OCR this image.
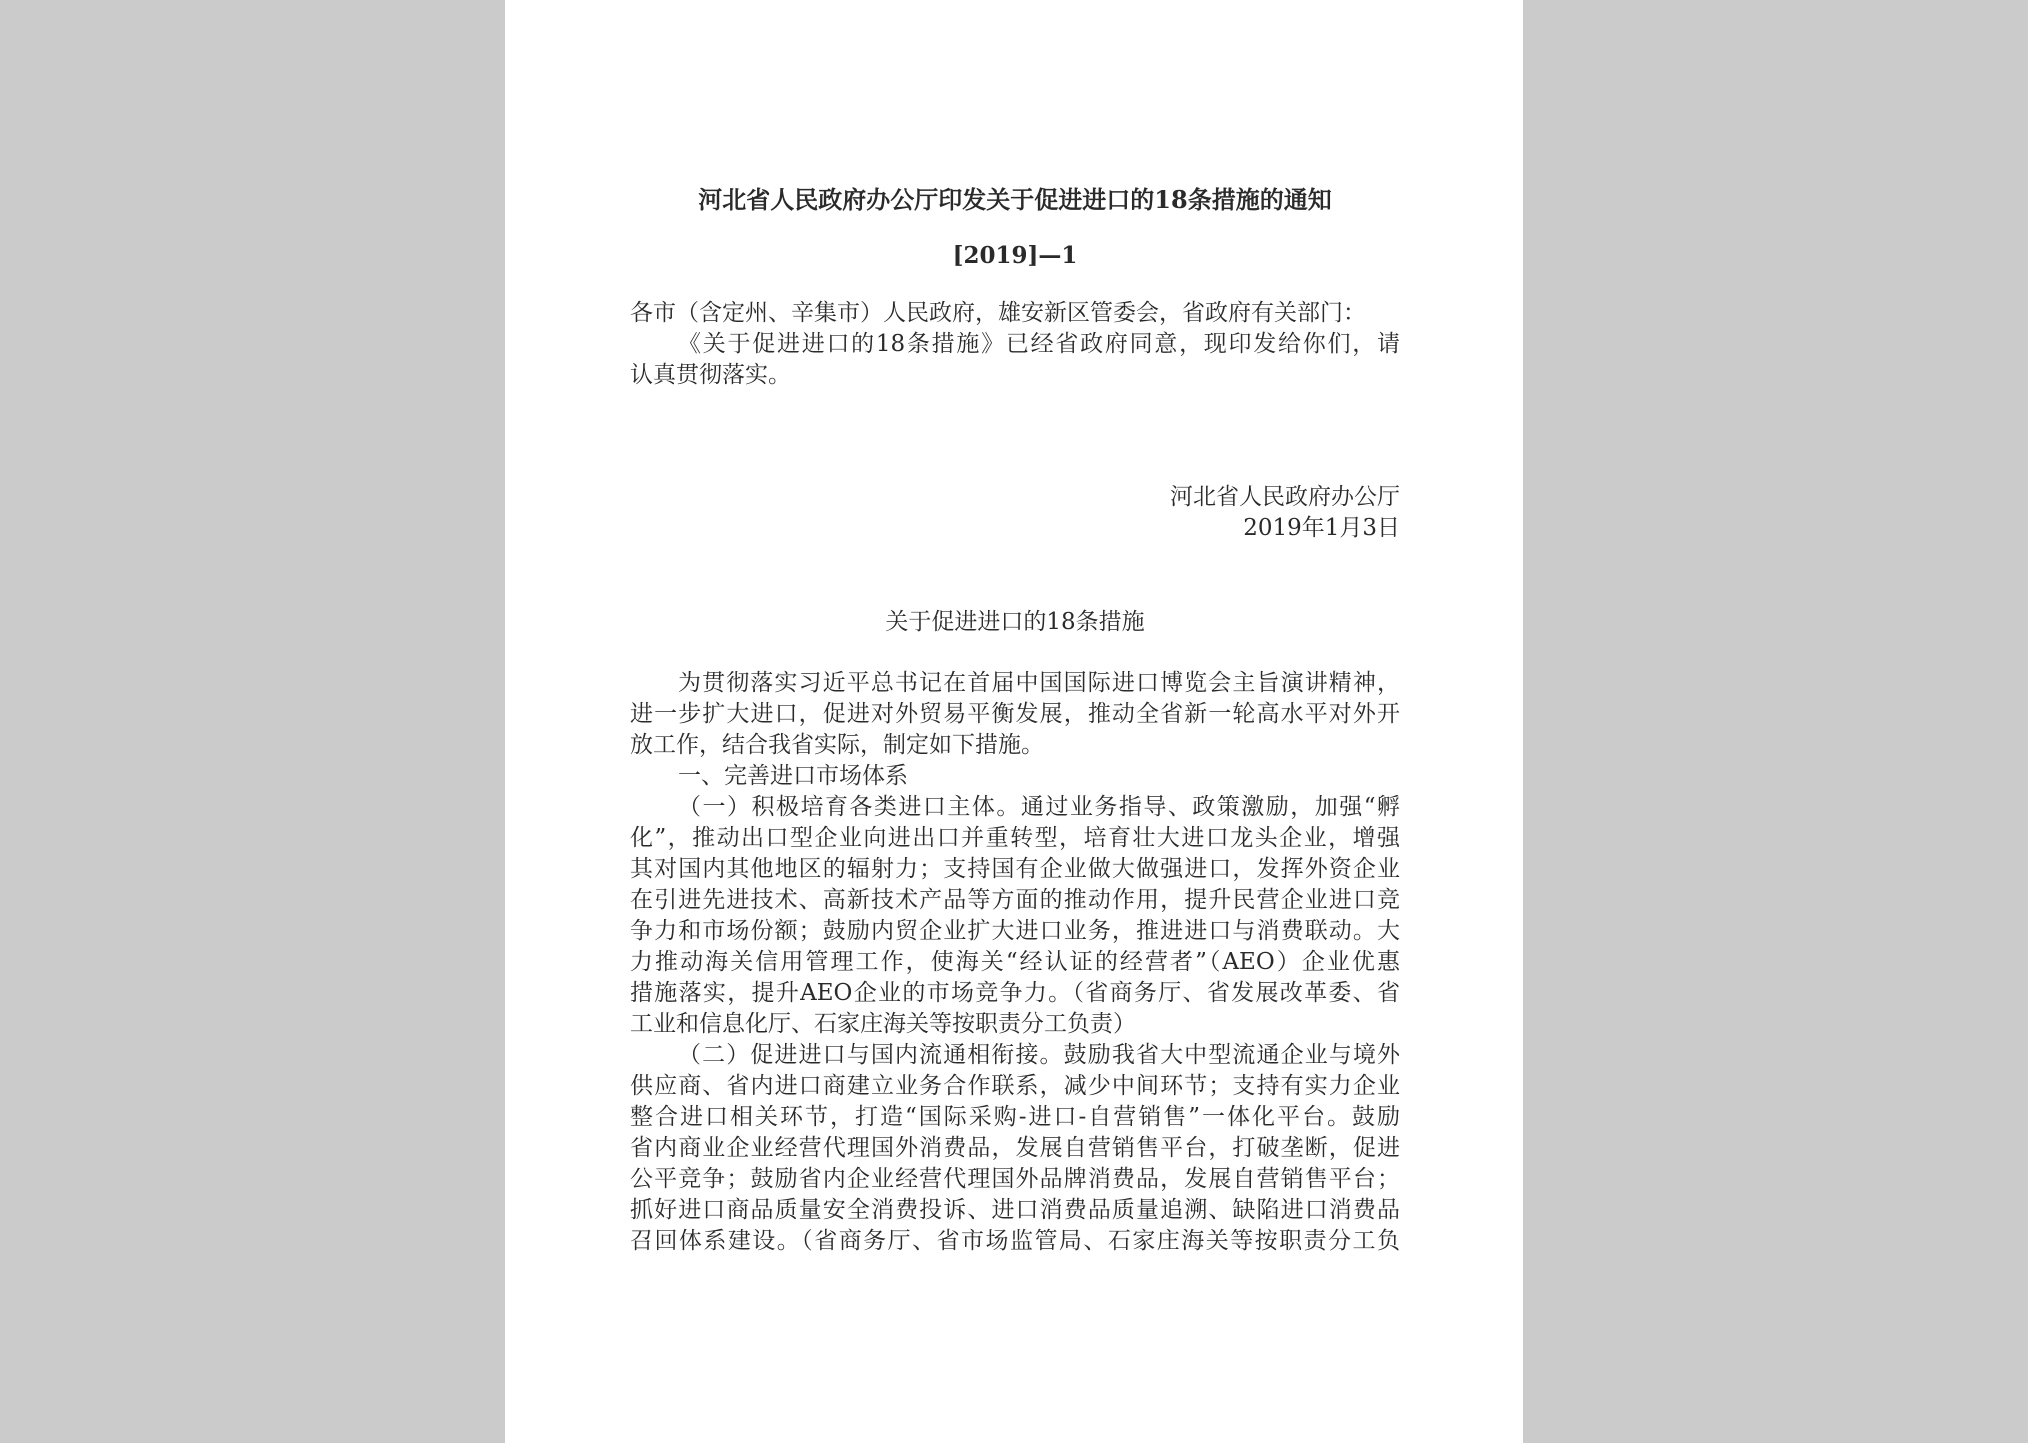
河北省人民政府办公厅印发关于促进进口的18条措施的通知
[2019]—1
各市（含定州、辛集市）人民政府，雄安新区管委会，省政府有关部门：
《关于促进进口的18条措施》已经省政府同意，现印发给你们，请
认真贯彻落实。
河北省人民政府办公厅
2019年1月3日
关于促进进口的18条措施
为贯彻落实习近平总书记在首届中国国际进口博览会主旨演讲精神，
进一步扩大进口，促进对外贸易平衡发展，推动全省新一轮高水平对外开
放工作，结合我省实际，制定如下措施。
一、完善进口市场体系
（一）积极培育各类进口主体。通过业务指导、政策激励，加强“孵
化”，推动出口型企业向进出口并重转型，培育壮大进口龙头企业，增强
其对国内其他地区的辐射力；支持国有企业做大做强进口，发挥外资企业
在引进先进技术、高新技术产品等方面的推动作用，提升民营企业进口竞
争力和市场份额；鼓励内贸企业扩大进口业务，推进进口与消费联动。大
力推动海关信用管理工作，使海关“经认证的经营者”（AEO）企业优惠
措施落实，提升AEO企业的市场竞争力。（省商务厅、省发展改革委、省
工业和信息化厅、石家庄海关等按职责分工负责）
（二）促进进口与国内流通相衔接。鼓励我省大中型流通企业与境外
供应商、省内进口商建立业务合作联系，减少中间环节；支持有实力企业
整合进口相关环节，打造“国际采购-进口-自营销售”一体化平台。鼓励
省内商业企业经营代理国外消费品，发展自营销售平台，打破垄断，促进
公平竞争；鼓励省内企业经营代理国外品牌消费品，发展自营销售平台；
抓好进口商品质量安全消费投诉、进口消费品质量追溯、缺陷进口消费品
召回体系建设。（省商务厅、省市场监管局、石家庄海关等按职责分工负
